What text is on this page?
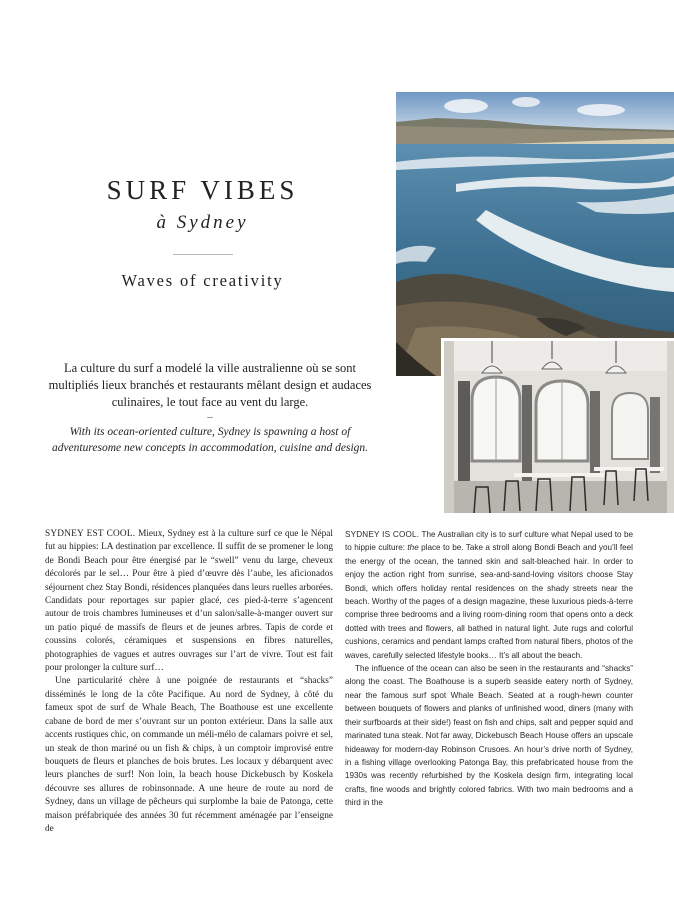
SURF VIBES
à Sydney
Waves of creativity
La culture du surf a modelé la ville australienne où se sont multipliés lieux branchés et restaurants mêlant design et audaces culinaires, le tout face au vent du large.
–
With its ocean-oriented culture, Sydney is spawning a host of adventuresome new concepts in accommodation, cuisine and design.

SYDNEY EST COOL. Mieux, Sydney est à la culture surf ce que le Népal fut au hippies: LA destination par excellence. Il suffit de se promener le long de Bondi Beach pour être énergisé par le “swell” venu du large, cheveux décolorés par le sel… Pour être à pied d’œuvre dès l’aube, les aficionados séjournent chez Stay Bondi, résidences planquées dans leurs ruelles arborées. Candidats pour reportages sur papier glacé, ces pied-à-terre s’agencent autour de trois chambres lumineuses et d’un salon/salle-à-manger ouvert sur un patio piqué de massifs de fleurs et de jeunes arbres. Tapis de corde et coussins colorés, céramiques et suspensions en fibres naturelles, photographies de vagues et autres ouvrages sur l’art de vivre. Tout est fait pour prolonger la culture surf…

Une particularité chère à une poignée de restaurants et “shacks” disséminés le long de la côte Pacifique. Au nord de Sydney, à côté du fameux spot de surf de Whale Beach, The Boathouse est une excellente cabane de bord de mer s’ouvrant sur un ponton extérieur. Dans la salle aux accents rustiques chic, on commande un méli-mélo de calamars poivre et sel, un steak de thon mariné ou un fish & chips, à un comptoir improvisé entre bouquets de fleurs et planches de bois brutes. Les locaux y débarquent avec leurs planches de surf! Non loin, la beach house Dickebusch by Koskela découvre ses allures de robinsonnade. A une heure de route au nord de Sydney, dans un village de pêcheurs qui surplombe la baie de Patonga, cette maison préfabriquée des années 30 fut récemment aménagée par l’enseigne de

SYDNEY IS COOL. The Australian city is to surf culture what Nepal used to be to hippie culture: the place to be. Take a stroll along Bondi Beach and you’ll feel the energy of the ocean, the tanned skin and salt-bleached hair. In order to enjoy the action right from sunrise, sea-and-sand-loving visitors choose Stay Bondi, which offers holiday rental residences on the shady streets near the beach. Worthy of the pages of a design magazine, these luxurious pieds-à-terre comprise three bedrooms and a living room-dining room that opens onto a deck dotted with trees and flowers, all bathed in natural light. Jute rugs and colorful cushions, ceramics and pendant lamps crafted from natural fibers, photos of the waves, carefully selected lifestyle books… It’s all about the beach.

The influence of the ocean can also be seen in the restaurants and “shacks” along the coast. The Boathouse is a superb seaside eatery north of Sydney, near the famous surf spot Whale Beach. Seated at a rough-hewn counter between bouquets of flowers and planks of unfinished wood, diners (many with their surfboards at their side!) feast on fish and chips, salt and pepper squid and marinated tuna steak. Not far away, Dickebusch Beach House offers an upscale hideaway for modern-day Robinson Crusoes. An hour’s drive north of Sydney, in a fishing village overlooking Patonga Bay, this prefabricated house from the 1930s was recently refurbished by the Koskela design firm, integrating local crafts, fine woods and brightly colored fabrics. With two main bedrooms and a third in the
